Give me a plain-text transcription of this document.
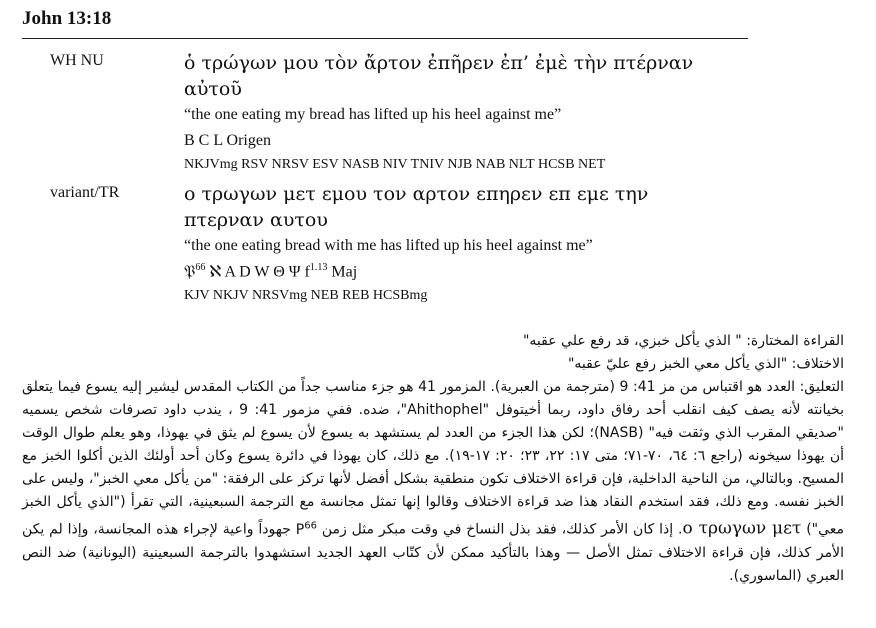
John 13:18
WH NU	ὁ τρώγων μου τὸν ἄρτον ἐπῆρεν ἐπ’ ἐμὲ τὴν πτέρναν
αὐτοῦ
“the one eating my bread has lifted up his heel against me”
B C L Origen
NKJVmg RSV NRSV ESV NASB NIV TNIV NJB NAB NLT HCSB NET
variant/TR	ο τρωγων μετ εμου τον αρτον επηρεν επ εμε την
πτερναν αυτου
“the one eating bread with me has lifted up his heel against me”
𝔓$^{66}$ ℵ A D W Θ Ψ $f^{1.13}$ Maj
KJV NKJV NRSVmg NEB REB HCSBmg

القراءة المختارة: " الذي يأكل خبزي، قد رفع علي عقبه"

الاختلاف: "الذي يأكل معي الخبز رفع عليّ عقبه"

التعليق: العدد هو اقتباس من مز 41: 9 (مترجمة من العبرية). المزمور 41 هو جزء مناسب جداً من الكتاب المقدس ليشير إليه يسوع فيما يتعلق بخيانته لأنه يصف كيف انقلب أحد رفاق داود، ربما أخيتوفل "Ahithophel"، ضده. ففي مزمور 41: 9 ، يندب داود تصرفات شخص يسميه "صديقي المقرب الذي وثقت فيه" (NASB)؛ لكن هذا الجزء من العدد لم يستشهد به يسوع لأن يسوع لم يثق في يهوذا، وهو يعلم طوال الوقت أن يهوذا سيخونه (راجع ٦: ٦٤، ٧٠-٧١؛ متى ١٧: ٢٢، ٢٣؛ ٢٠: ١٧-١٩). مع ذلك، كان يهوذا في دائرة يسوع وكان أحد أولئك الذين أكلوا الخبز مع المسيح. وبالتالي، من الناحية الداخلية، فإن قراءة الاختلاف تكون منطقية بشكل أفضل لأنها تركز على الرفقة: "من يأكل معي الخبز"، وليس على الخبز نفسه. ومع ذلك، فقد استخدم النقاد هذا ضد قراءة الاختلاف وقالوا إنها تمثل مجانسة مع الترجمة السبعينية، التي تقرأ ("الذي يأكل الخبز معي") ο τρωγων μετ. إذا كان الأمر كذلك، فقد بذل النساخ في وقت مبكر مثل زمن $P^{66}$ جهوداً واعية لإجراء هذه المجانسة، وإذا لم يكن الأمر كذلك، فإن قراءة الاختلاف تمثل الأصل — وهذا بالتأكيد ممكن لأن كتّاب العهد الجديد استشهدوا بالترجمة السبعينية (اليونانية) ضد النص العبري (الماسوري).
